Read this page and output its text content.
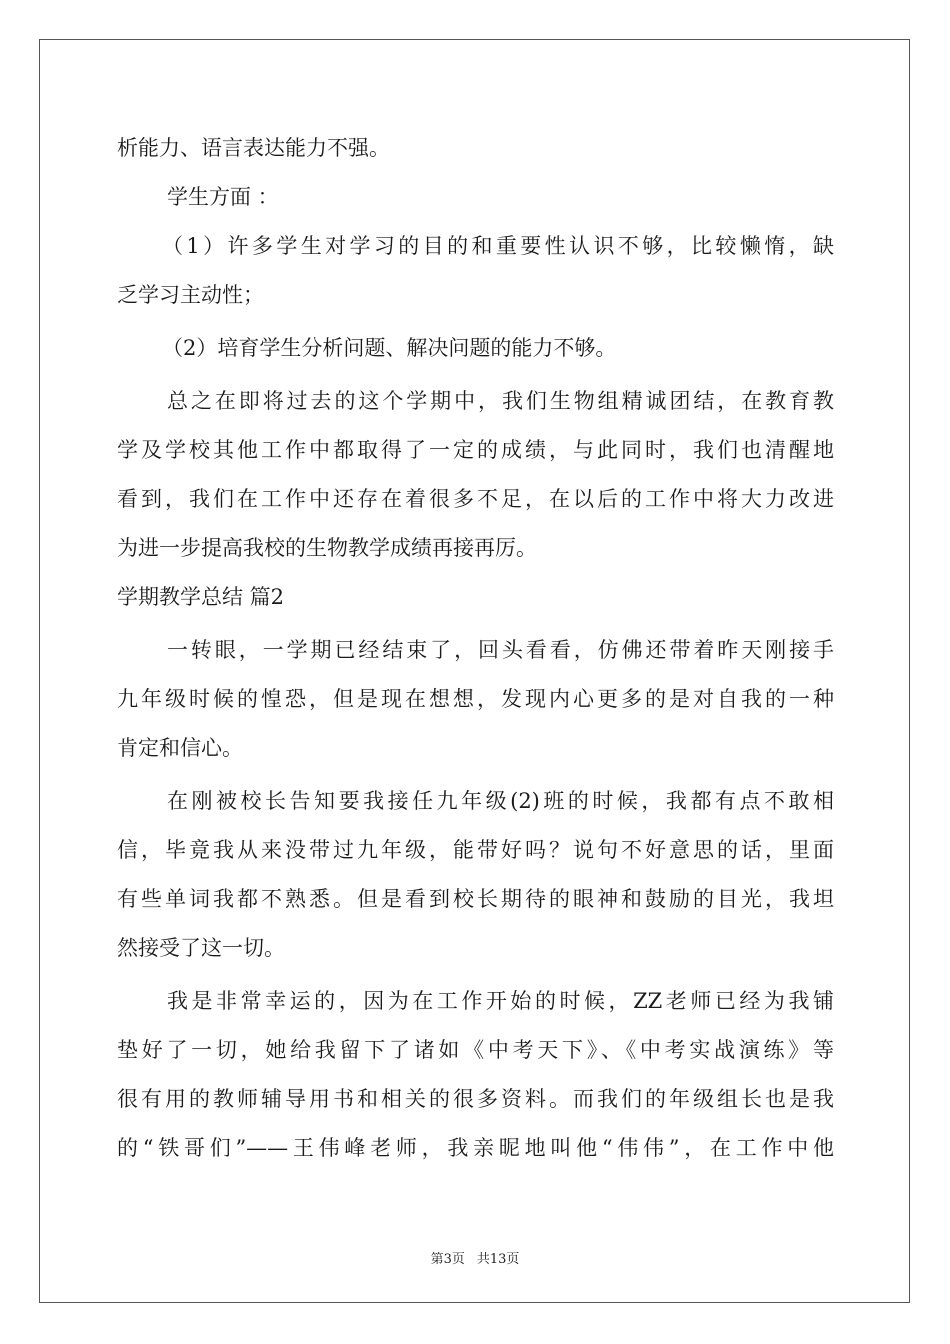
析能力、语言表达能力不强。
学生方面 ：
（1）许多学生对学习的目的和重要性认识不够，比较懒惰，缺
乏学习主动性；
（2）培育学生分析问题、解决问题的能力不够。
总之在即将过去的这个学期中，我们生物组精诚团结，在教育教
学及学校其他工作中都取得了一定的成绩，与此同时，我们也清醒地
看到，我们在工作中还存在着很多不足，在以后的工作中将大力改进
为进一步提高我校的生物教学成绩再接再厉。
学期教学总结 篇2
一转眼，一学期已经结束了，回头看看，仿佛还带着昨天刚接手
九年级时候的惶恐，但是现在想想，发现内心更多的是对自我的一种
肯定和信心。
在刚被校长告知要我接任九年级(2)班的时候，我都有点不敢相
信，毕竟我从来没带过九年级，能带好吗？说句不好意思的话，里面
有些单词我都不熟悉。但是看到校长期待的眼神和鼓励的目光，我坦
然接受了这一切。
我是非常幸运的，因为在工作开始的时候，ZZ老师已经为我铺
垫好了一切，她给我留下了诸如《中考天下》、《中考实战演练》等
很有用的教师辅导用书和相关的很多资料。而我们的年级组长也是我
的“铁哥们”——王伟峰老师，我亲昵地叫他“伟伟”，在工作中他
第3页 共13页
